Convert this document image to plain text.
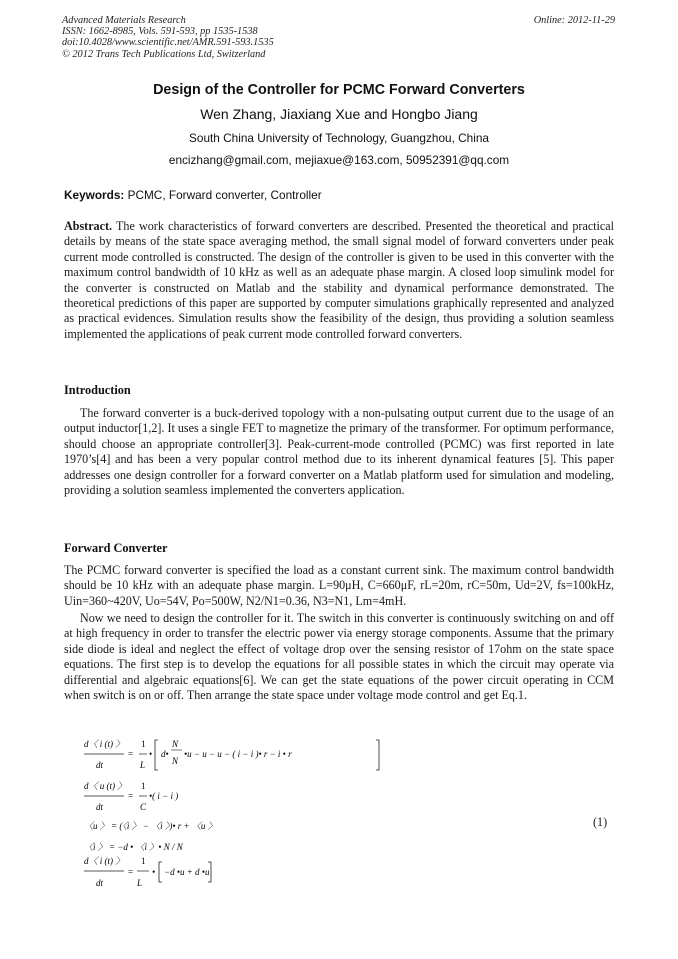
Advanced Materials Research
ISSN: 1662-8985, Vols. 591-593, pp 1535-1538
doi:10.4028/www.scientific.net/AMR.591-593.1535
© 2012 Trans Tech Publications Ltd, Switzerland
Online: 2012-11-29
Design of the Controller for PCMC Forward Converters
Wen Zhang, Jiaxiang Xue and Hongbo Jiang
South China University of Technology, Guangzhou, China
encizhang@gmail.com, mejiaxue@163.com, 50952391@qq.com
Keywords: PCMC, Forward converter, Controller
Abstract. The work characteristics of forward converters are described. Presented the theoretical and practical details by means of the state space averaging method, the small signal model of forward converters under peak current mode controlled is constructed. The design of the controller is given to be used in this converter with the maximum control bandwidth of 10 kHz as well as an adequate phase margin. A closed loop simulink model for the converter is constructed on Matlab and the stability and dynamical performance demonstrated. The theoretical predictions of this paper are supported by computer simulations graphically represented and analyzed as practical evidences. Simulation results show the feasibility of the design, thus providing a solution seamless implemented the applications of peak current mode controlled forward converters.
Introduction
The forward converter is a buck-derived topology with a non-pulsating output current due to the usage of an output inductor[1,2]. It uses a single FET to magnetize the primary of the transformer. For optimum performance, should choose an appropriate controller[3]. Peak-current-mode controlled (PCMC) was first reported in late 1970’s[4] and has been a very popular control method due to its inherent dynamical features [5]. This paper addresses one design controller for a forward converter on a Matlab platform used for simulation and modeling, providing a solution seamless implemented the converters application.
Forward Converter
The PCMC forward converter is specified the load as a constant current sink. The maximum control bandwidth should be 10 kHz with an adequate phase margin. L=90μH, C=660μF, rL=20m, rC=50m, Ud=2V, fs=100kHz, Uin=360~420V, Uo=54V, Po=500W, N2/N1=0.36, N3=N1, Lm=4mH.
Now we need to design the controller for it. The switch in this converter is continuously switching on and off at high frequency in order to transfer the electric power via energy storage components. Assume that the primary side diode is ideal and neglect the effect of voltage drop over the sensing resistor of 17ohm on the state space equations. The first step is to develop the equations for all possible states in which the circuit may operate via differential and algebraic equations[6]. We can get the state equations of the power circuit operating in CCM when switch is on or off. Then arrange the state space under voltage mode control and get Eq.1.
d〈 i (t) 〉
dt
=
1
L
• d•
N
N
•u − u − u − ( i − i )• r − i • r
d〈 u (t) 〉
dt
=
1
C
•( i − i )
〈u 〉 = (〈i 〉 − 〈i 〉)• r + 〈u 〉
〈i 〉 = −d • 〈i 〉• N / N
d〈 i (t) 〉
dt
=
1
L
• −d •u + d •u
(1)
